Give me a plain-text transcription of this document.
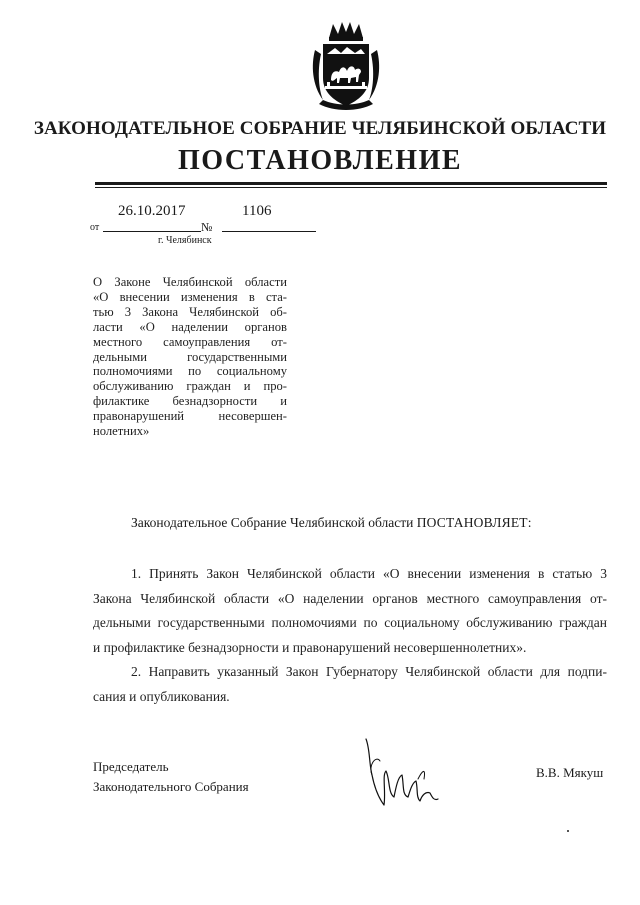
ЗАКОНОДАТЕЛЬНОЕ СОБРАНИЕ ЧЕЛЯБИНСКОЙ ОБЛАСТИ
ПОСТАНОВЛЕНИЕ
от
26.10.2017
№
1106
г. Челябинск
О Законе Челябинской области
«О внесении изменения в ста-
тью 3 Закона Челябинской об-
ласти «О наделении органов
местного самоуправления от-
дельными государственными
полномочиями по социальному
обслуживанию граждан и про-
филактике безнадзорности и
правонарушений несовершен-
нолетних»
Законодательное Собрание Челябинской области ПОСТАНОВЛЯЕТ:
1. Принять Закон Челябинской области «О внесении изменения в статью 3
Закона Челябинской области «О наделении органов местного самоуправления от-
дельными государственными полномочиями по социальному обслуживанию граждан
и профилактике безнадзорности и правонарушений несовершеннолетних».
2. Направить указанный Закон Губернатору Челябинской области для подпи-
сания и опубликования.
Председатель
Законодательного Собрания
В.В. Мякуш
